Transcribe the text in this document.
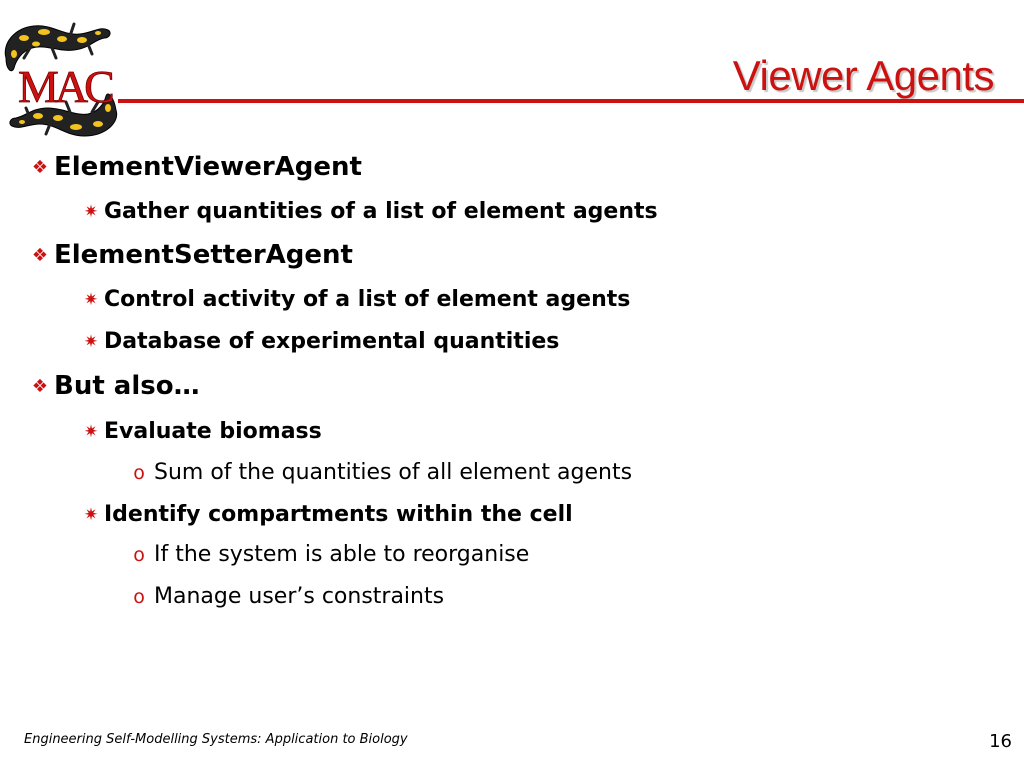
MAC	Viewer Agents
❖ ElementViewerAgent
✷ Gather quantities of a list of element agents
❖ ElementSetterAgent
✷ Control activity of a list of element agents
✷ Database of experimental quantities
❖ But also…
✷ Evaluate biomass
o Sum of the quantities of all element agents
✷ Identify compartments within the cell
o If the system is able to reorganise
o Manage user’s constraints
Engineering Self-Modelling Systems: Application to Biology	16
